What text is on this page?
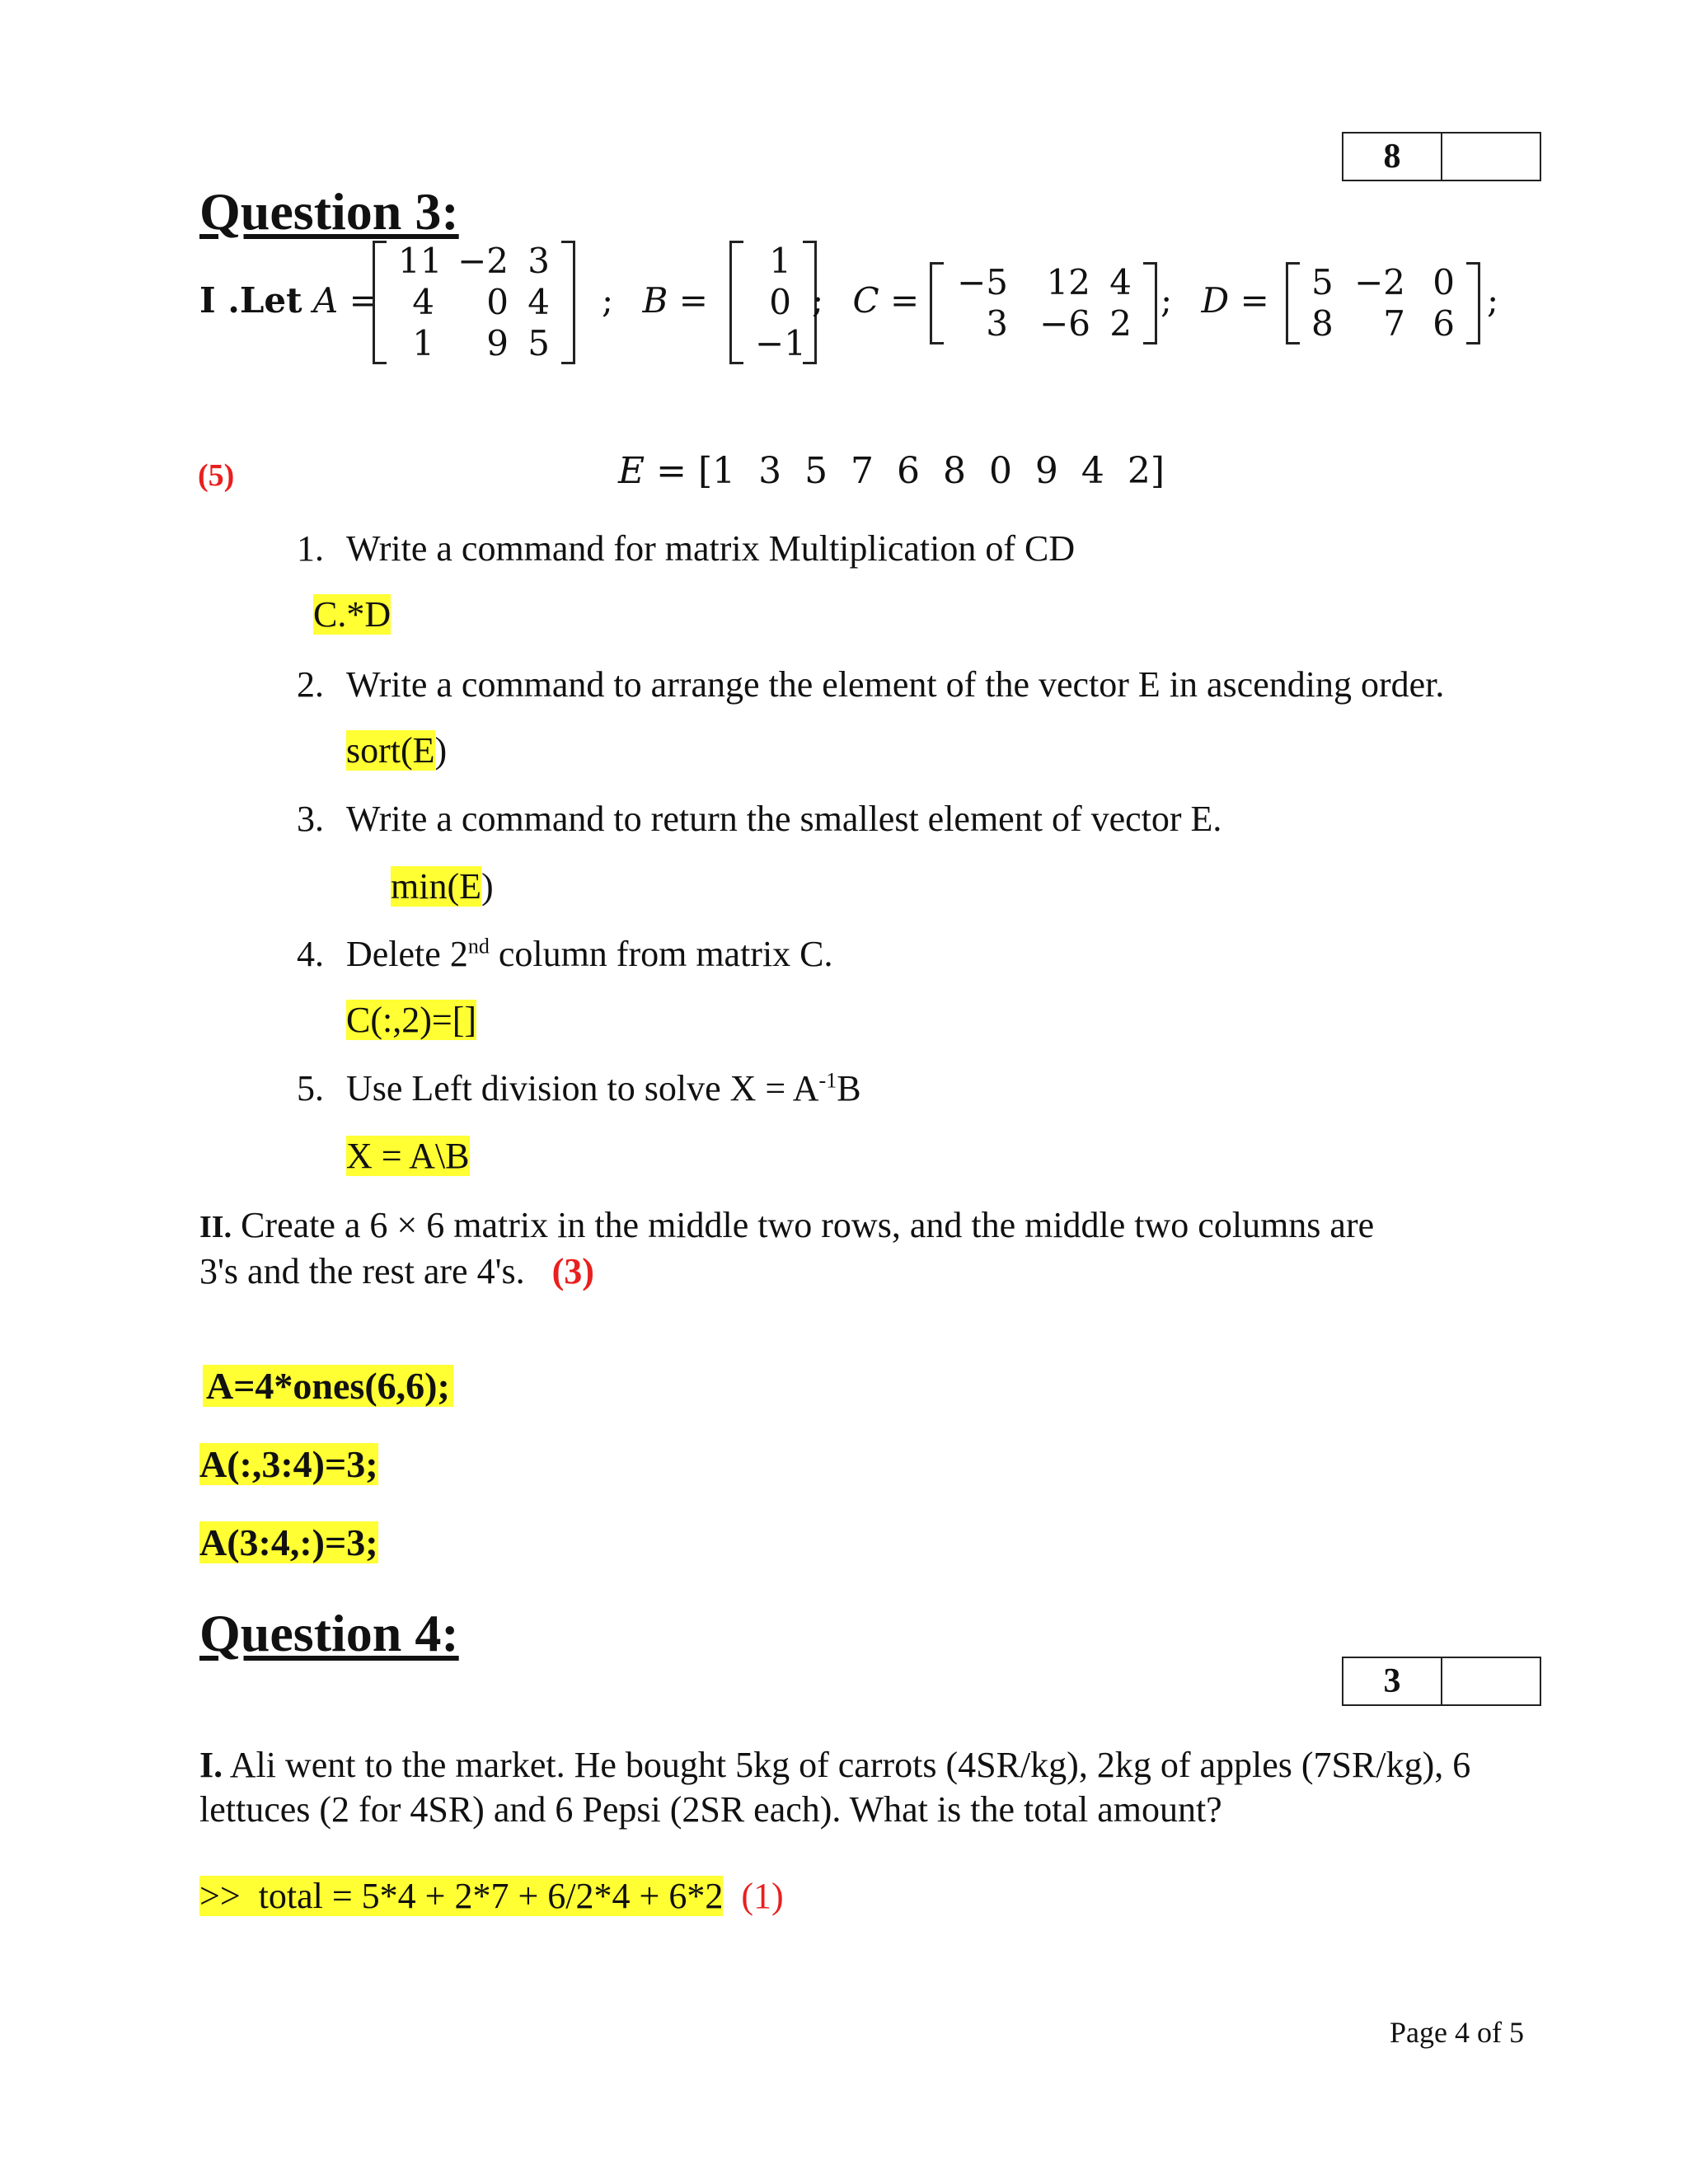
8
Question 3:
I .Let A =
11 −2 3
4	0 4
1	9 5
; B =
1
0
−1
; C = −5	12 4
3 −6 2
; D = 5 −2 0
8	7 6
;

E = [1  3  5  7  6  8  0  9  4  2]

(5)
1. Write a command for matrix Multiplication of CD
C.*D
2. Write a command to arrange the element of the vector E in ascending order.
sort(E)
3. Write a command to return the smallest element of vector E.
min(E)
4. Delete 2nd column from matrix C.
C(:,2)=[]
5. Use Left division to solve $X = A^{-1}B$
X = A\B
II. Create a 6 × 6 matrix in the middle two rows, and the middle two columns are
3's and the rest are 4's. (3)
A=4*ones(6,6);
A(:,3:4)=3;
A(3:4,:)=3;
Question 4:
3
I. Ali went to the market. He bought 5kg of carrots (4SR/kg), 2kg of apples (7SR/kg), 6
lettuces (2 for 4SR) and 6 Pepsi (2SR each). What is the total amount?
>>  total = 5*4 + 2*7 + 6/2*4 + 6*2 (1)
Page 4 of 5
